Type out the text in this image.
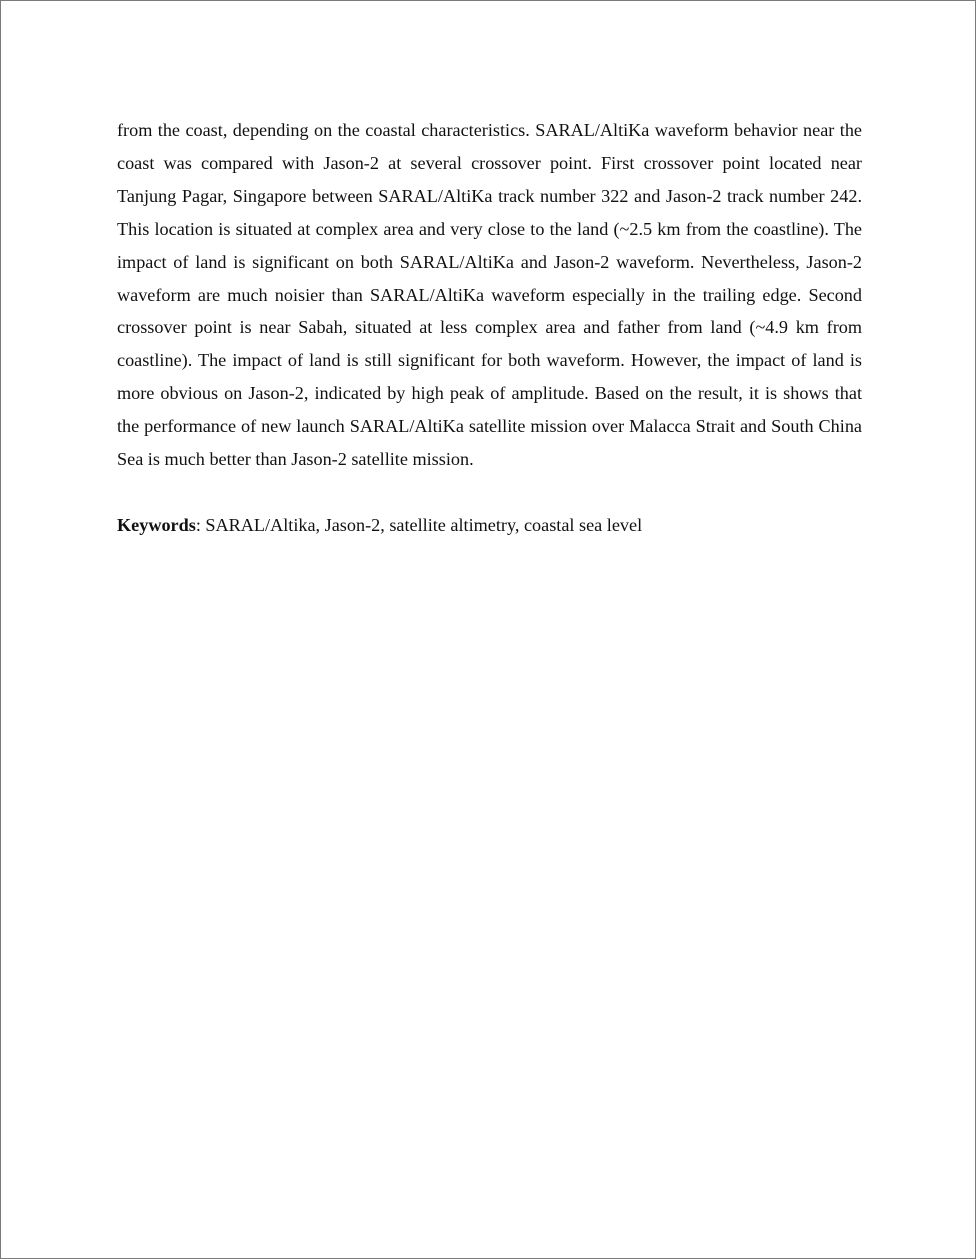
from the coast, depending on the coastal characteristics. SARAL/AltiKa waveform behavior near the coast was compared with Jason-2 at several crossover point. First crossover point located near Tanjung Pagar, Singapore between SARAL/AltiKa track number 322 and Jason-2 track number 242. This location is situated at complex area and very close to the land (~2.5 km from the coastline). The impact of land is significant on both SARAL/AltiKa and Jason-2 waveform. Nevertheless, Jason-2 waveform are much noisier than SARAL/AltiKa waveform especially in the trailing edge. Second crossover point is near Sabah, situated at less complex area and father from land (~4.9 km from coastline). The impact of land is still significant for both waveform. However, the impact of land is more obvious on Jason-2, indicated by high peak of amplitude. Based on the result, it is shows that the performance of new launch SARAL/AltiKa satellite mission over Malacca Strait and South China Sea is much better than Jason-2 satellite mission.

Keywords: SARAL/Altika, Jason-2, satellite altimetry, coastal sea level
